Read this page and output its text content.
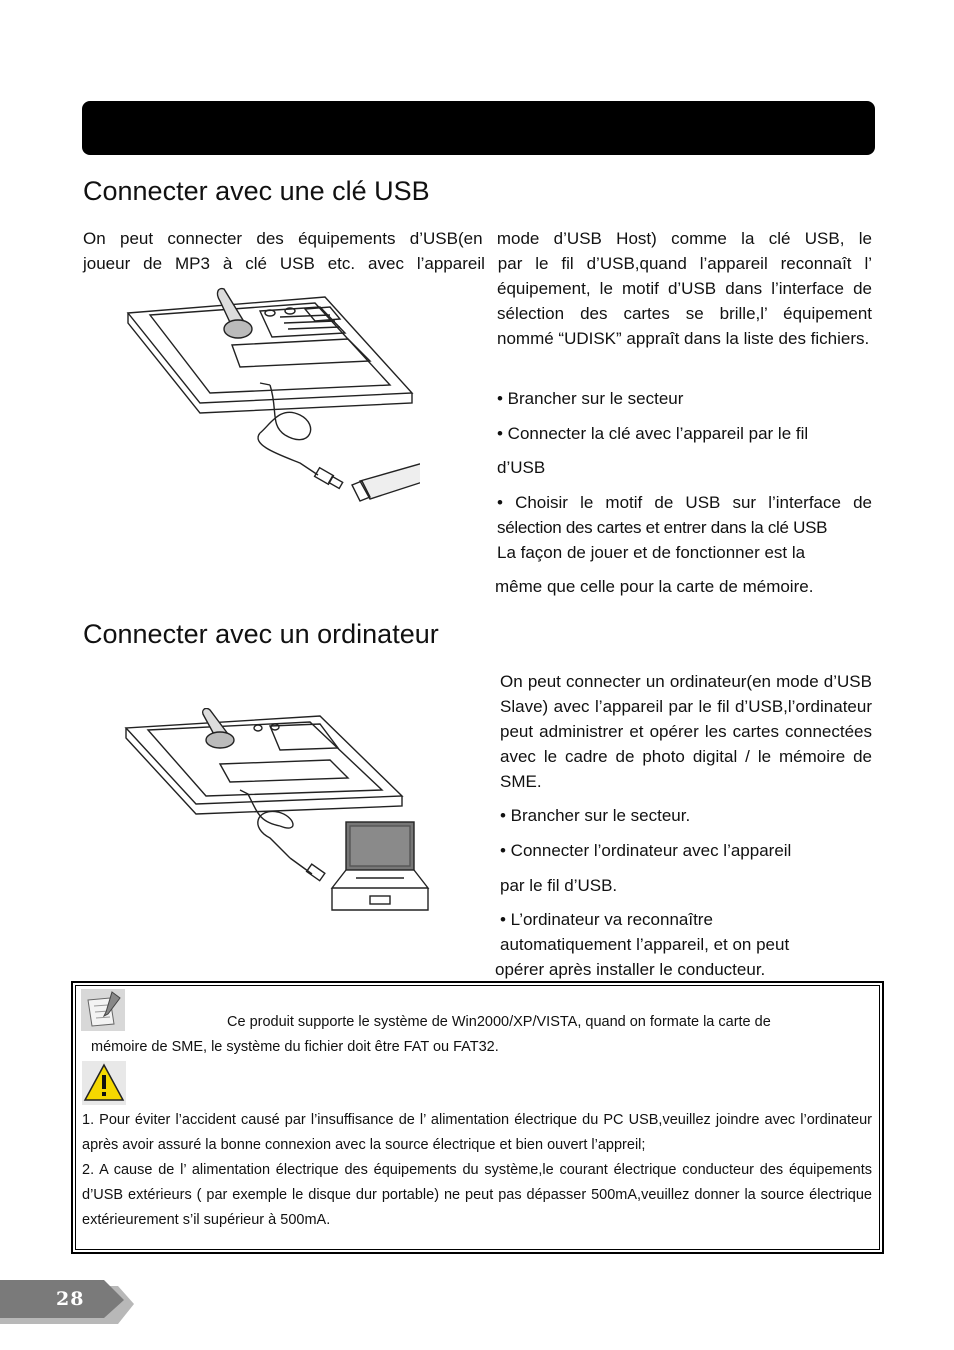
Connecter avec une clé USB

On peut connecter des équipements d’USB(en mode d’USB Host) comme la clé USB, le

joueur de MP3 à clé USB etc. avec l’appareil par le fil d’USB,quand l’appareil reconnaît l’

équipement, le motif d’USB dans l’interface de sélection des cartes se brille,l’ équipement nommé “UDISK” appraît dans la liste des fichiers.

• Brancher sur le secteur

• Connecter la clé avec l’appareil par le fil

d’USB

• Choisir le motif de USB sur l’interface de

sélection des cartes et entrer dans la clé USB

La façon de jouer et de fonctionner est la

même que celle pour la carte de mémoire.

Connecter avec un ordinateur

On peut connecter un ordinateur(en mode d’USB Slave) avec l’appareil par le fil d’USB,l’ordinateur peut administrer et opérer les cartes connectées avec le cadre de photo digital / le mémoire de SME.

• Brancher sur le secteur.

• Connecter l’ordinateur avec l’appareil

par le fil d’USB.

• L’ordinateur va reconnaître

automatiquement l’appareil, et on peut

opérer après installer le conducteur.

Ce produit supporte le système de Win2000/XP/VISTA, quand on formate la carte de

mémoire de SME, le système du fichier doit être FAT ou FAT32.

1. Pour éviter l’accident causé par l’insuffisance de l’ alimentation électrique du PC USB,veuillez joindre avec l’ordinateur après avoir assuré la bonne connexion avec la source électrique et bien ouvert l’appreil;

2. A cause de l’ alimentation électrique des équipements du système,le courant électrique conducteur des équipements d’USB extérieurs ( par exemple le disque dur portable) ne peut pas dépasser 500mA,veuillez donner la source électrique extérieurement s’il supérieur à 500mA.

28
